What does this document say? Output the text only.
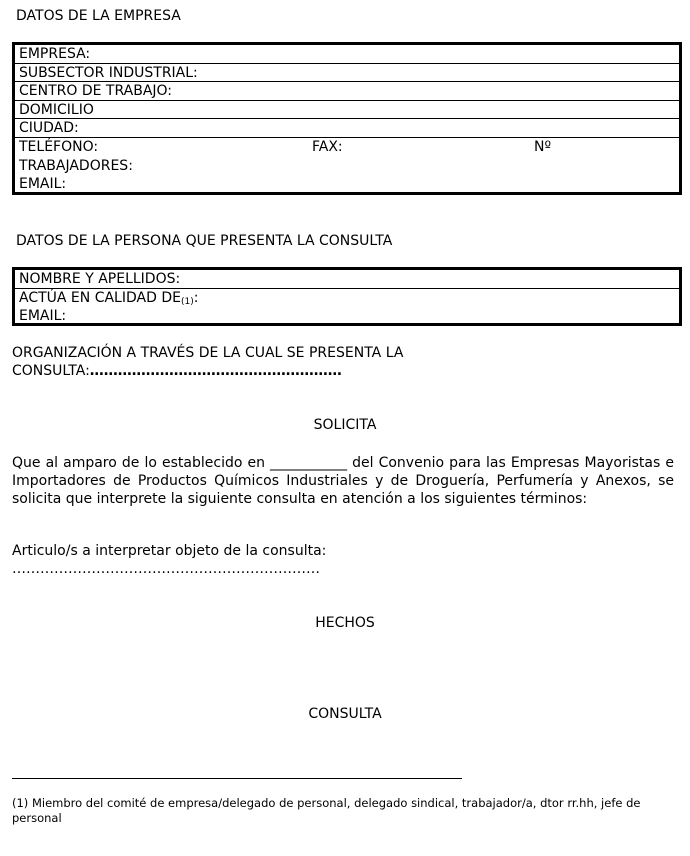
DATOS DE LA EMPRESA
EMPRESA:
SUBSECTOR INDUSTRIAL:
CENTRO DE TRABAJO:
DOMICILIO
CIUDAD:
TELÉFONO:	FAX:	Nº
TRABAJADORES:
EMAIL:
DATOS DE LA PERSONA QUE PRESENTA LA CONSULTA
NOMBRE Y APELLIDOS:
ACTÚA EN CALIDAD $DE_{(1)}$:
EMAIL:
ORGANIZACIÓN A TRAVÉS DE LA CUAL SE PRESENTA LA
CONSULTA:………………………………………………
SOLICITA
Que al amparo de lo establecido en ___________ del Convenio para las Empresas Mayoristas e Importadores de Productos Químicos Industriales y de Droguería, Perfumería y Anexos, se solicita que interprete la siguiente consulta en atención a los siguientes términos:
Articulo/s a interpretar objeto de la consulta:
…………………………………………………………
HECHOS
CONSULTA
(1) Miembro del comité de empresa/delegado de personal, delegado sindical, trabajador/a, dtor rr.hh, jefe de personal
